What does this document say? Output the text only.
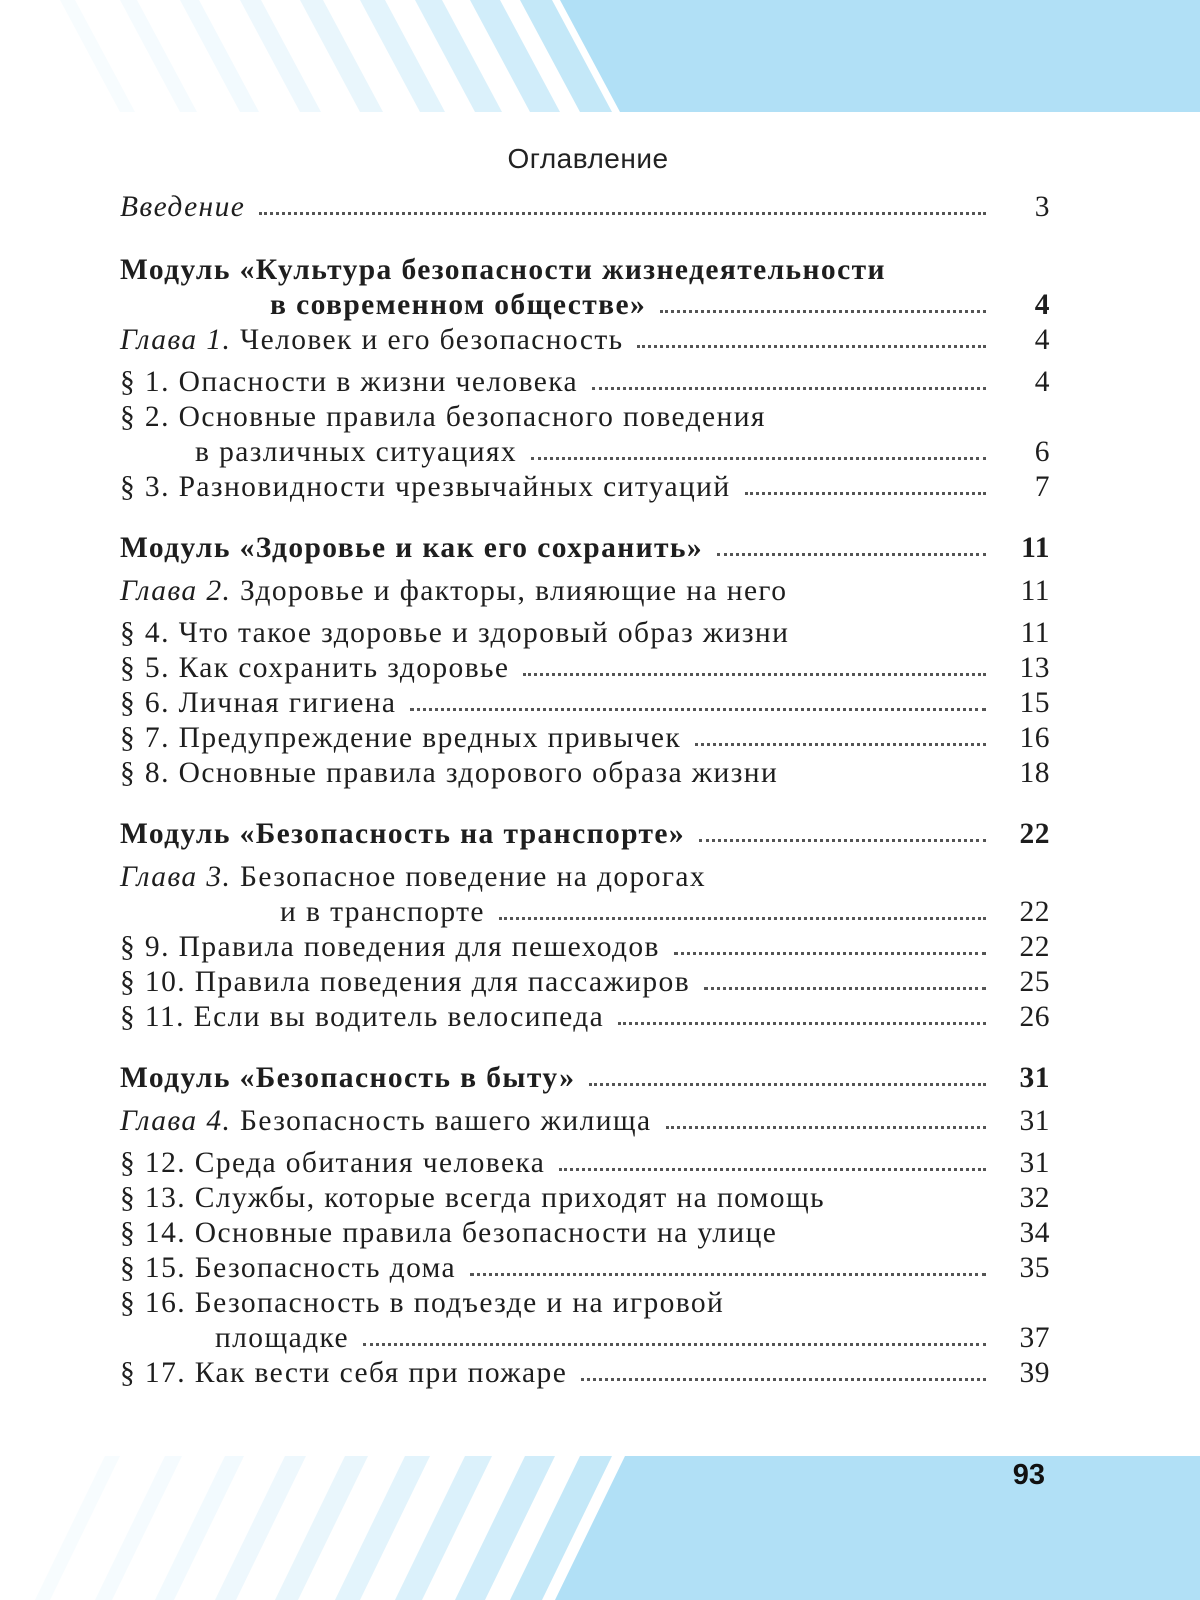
Оглавление
Введение	3
Модуль «Культура безопасности жизнедеятельности
в современном обществе»	4
Глава 1. Человек и его безопасность	4
§ 1. Опасности в жизни человека	4
§ 2. Основные правила безопасного поведения
в различных ситуациях	6
§ 3. Разновидности чрезвычайных ситуаций	7
Модуль «Здоровье и как его сохранить»	11
Глава 2. Здоровье и факторы, влияющие на него	11
§ 4. Что такое здоровье и здоровый образ жизни	11
§ 5. Как сохранить здоровье	13
§ 6. Личная гигиена	15
§ 7. Предупреждение вредных привычек	16
§ 8. Основные правила здорового образа жизни	18
Модуль «Безопасность на транспорте»	22
Глава 3. Безопасное поведение на дорогах
и в транспорте	22
§ 9. Правила поведения для пешеходов	22
§ 10. Правила поведения для пассажиров	25
§ 11. Если вы водитель велосипеда	26
Модуль «Безопасность в быту»	31
Глава 4. Безопасность вашего жилища	31
§ 12. Среда обитания человека	31
§ 13. Службы, которые всегда приходят на помощь	32
§ 14. Основные правила безопасности на улице	34
§ 15. Безопасность дома	35
§ 16. Безопасность в подъезде и на игровой
площадке	37
§ 17. Как вести себя при пожаре	39
93
